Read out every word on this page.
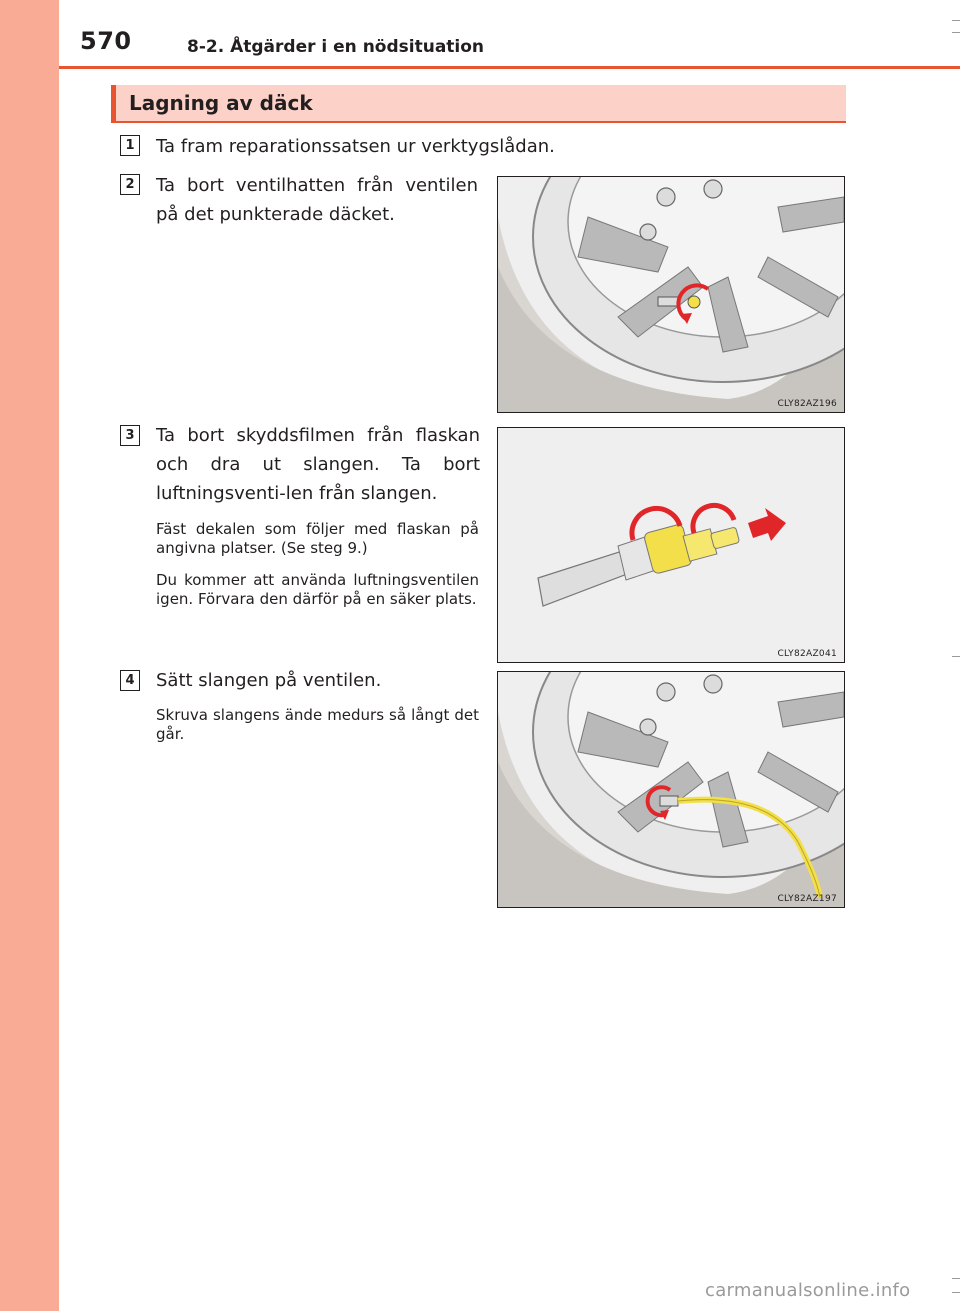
570	8-2. Åtgärder i en nödsituation
Lagning av däck
1	Ta fram reparationssatsen ur verktygslådan.
2	Ta bort ventilhatten från ventilen på det punkterade däcket.
CLY82AZ196
3	Ta bort skyddsfilmen från flaskan och dra ut slangen. Ta bort luftningsventi-len från slangen.
Fäst dekalen som följer med flaskan på angivna platser. (Se steg 9.)
Du kommer att använda luftningsventilen igen. Förvara den därför på en säker plats.
CLY82AZ041
4	Sätt slangen på ventilen.
Skruva slangens ände medurs så långt det går.
CLY82AZ197
carmanualsonline.info
